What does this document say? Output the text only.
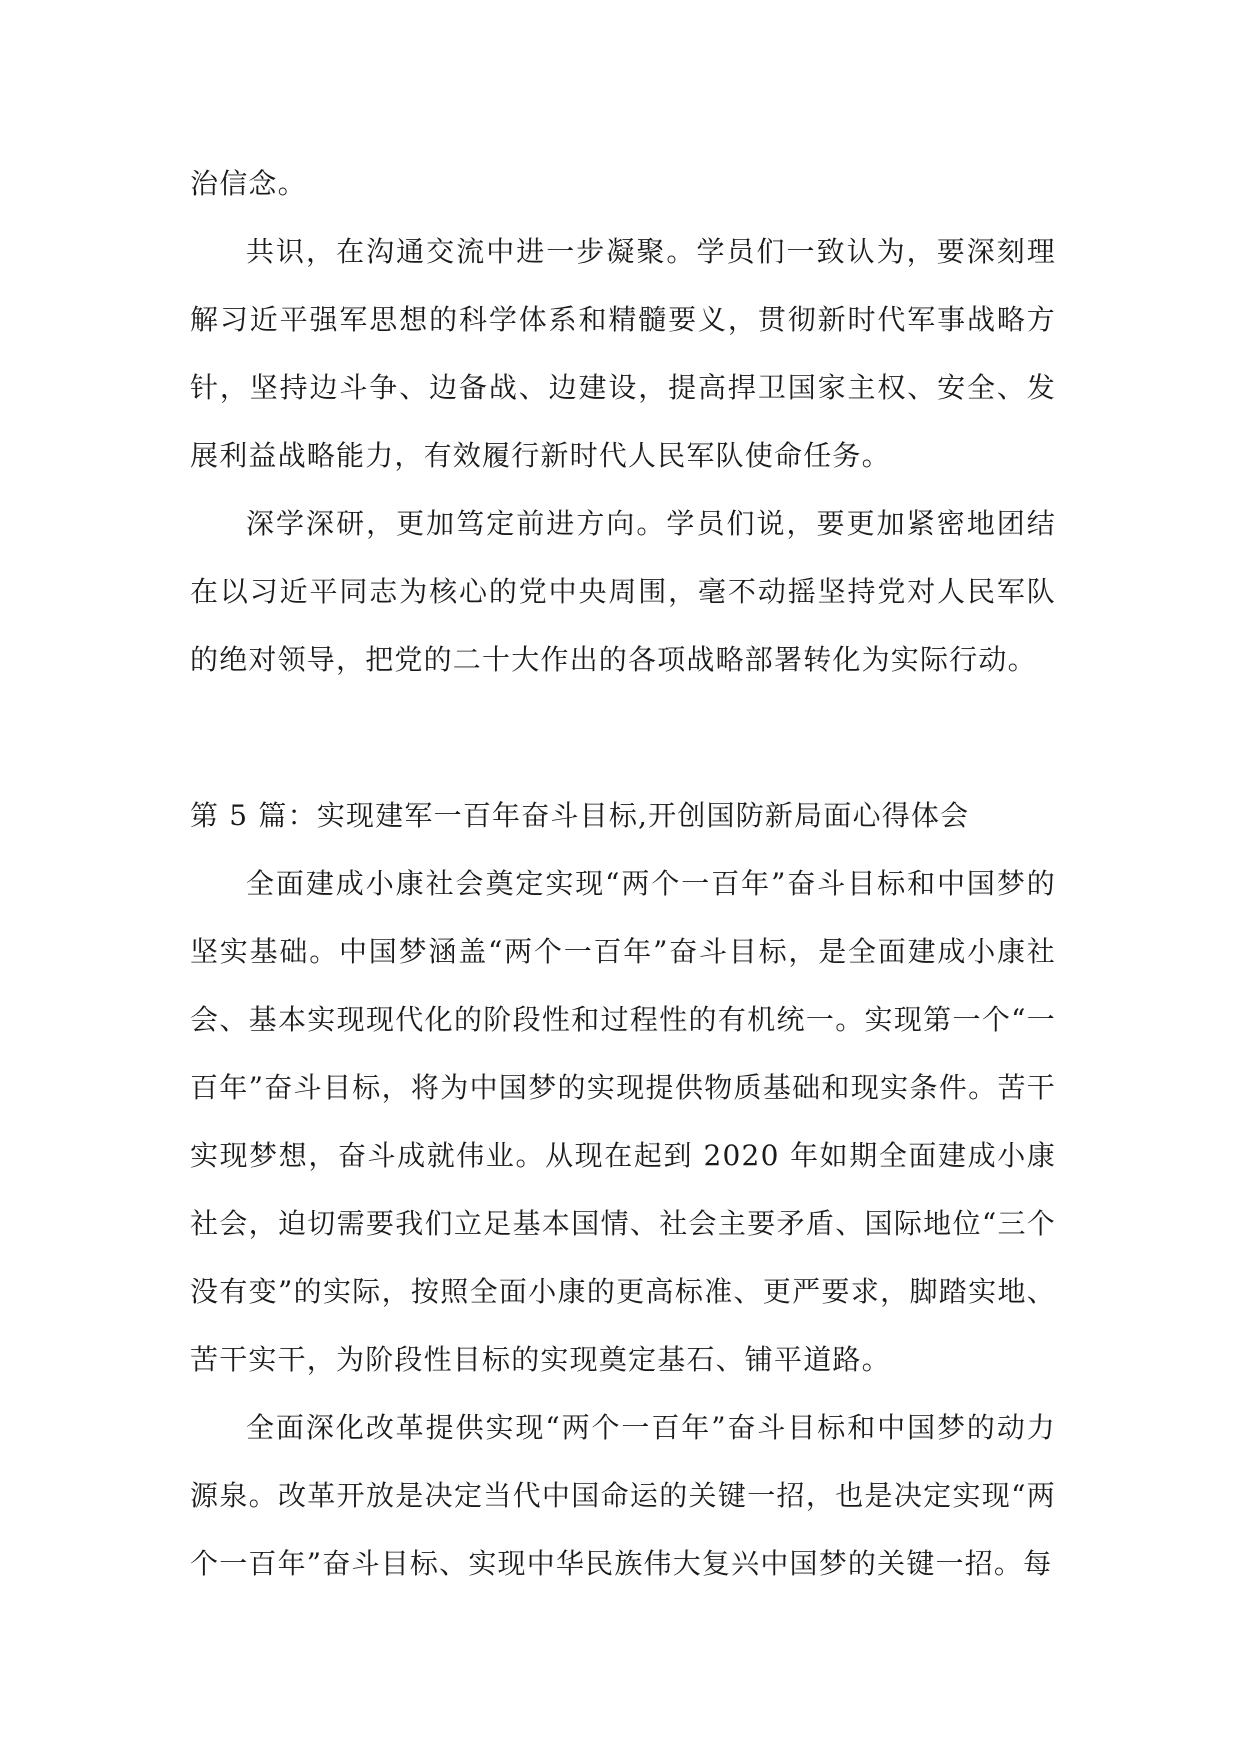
治信念。

共识，在沟通交流中进一步凝聚。学员们一致认为，要深刻理解习近平强军思想的科学体系和精髓要义，贯彻新时代军事战略方针，坚持边斗争、边备战、边建设，提高捍卫国家主权、安全、发展利益战略能力，有效履行新时代人民军队使命任务。

深学深研，更加笃定前进方向。学员们说，要更加紧密地团结在以习近平同志为核心的党中央周围，毫不动摇坚持党对人民军队的绝对领导，把党的二十大作出的各项战略部署转化为实际行动。

第 5 篇：实现建军一百年奋斗目标,开创国防新局面心得体会

全面建成小康社会奠定实现“两个一百年”奋斗目标和中国梦的坚实基础。中国梦涵盖“两个一百年”奋斗目标，是全面建成小康社会、基本实现现代化的阶段性和过程性的有机统一。实现第一个“一百年”奋斗目标，将为中国梦的实现提供物质基础和现实条件。苦干实现梦想，奋斗成就伟业。从现在起到 2020 年如期全面建成小康社会，迫切需要我们立足基本国情、社会主要矛盾、国际地位“三个没有变”的实际，按照全面小康的更高标准、更严要求，脚踏实地、苦干实干，为阶段性目标的实现奠定基石、铺平道路。

全面深化改革提供实现“两个一百年”奋斗目标和中国梦的动力源泉。改革开放是决定当代中国命运的关键一招，也是决定实现“两个一百年”奋斗目标、实现中华民族伟大复兴中国梦的关键一招。每
